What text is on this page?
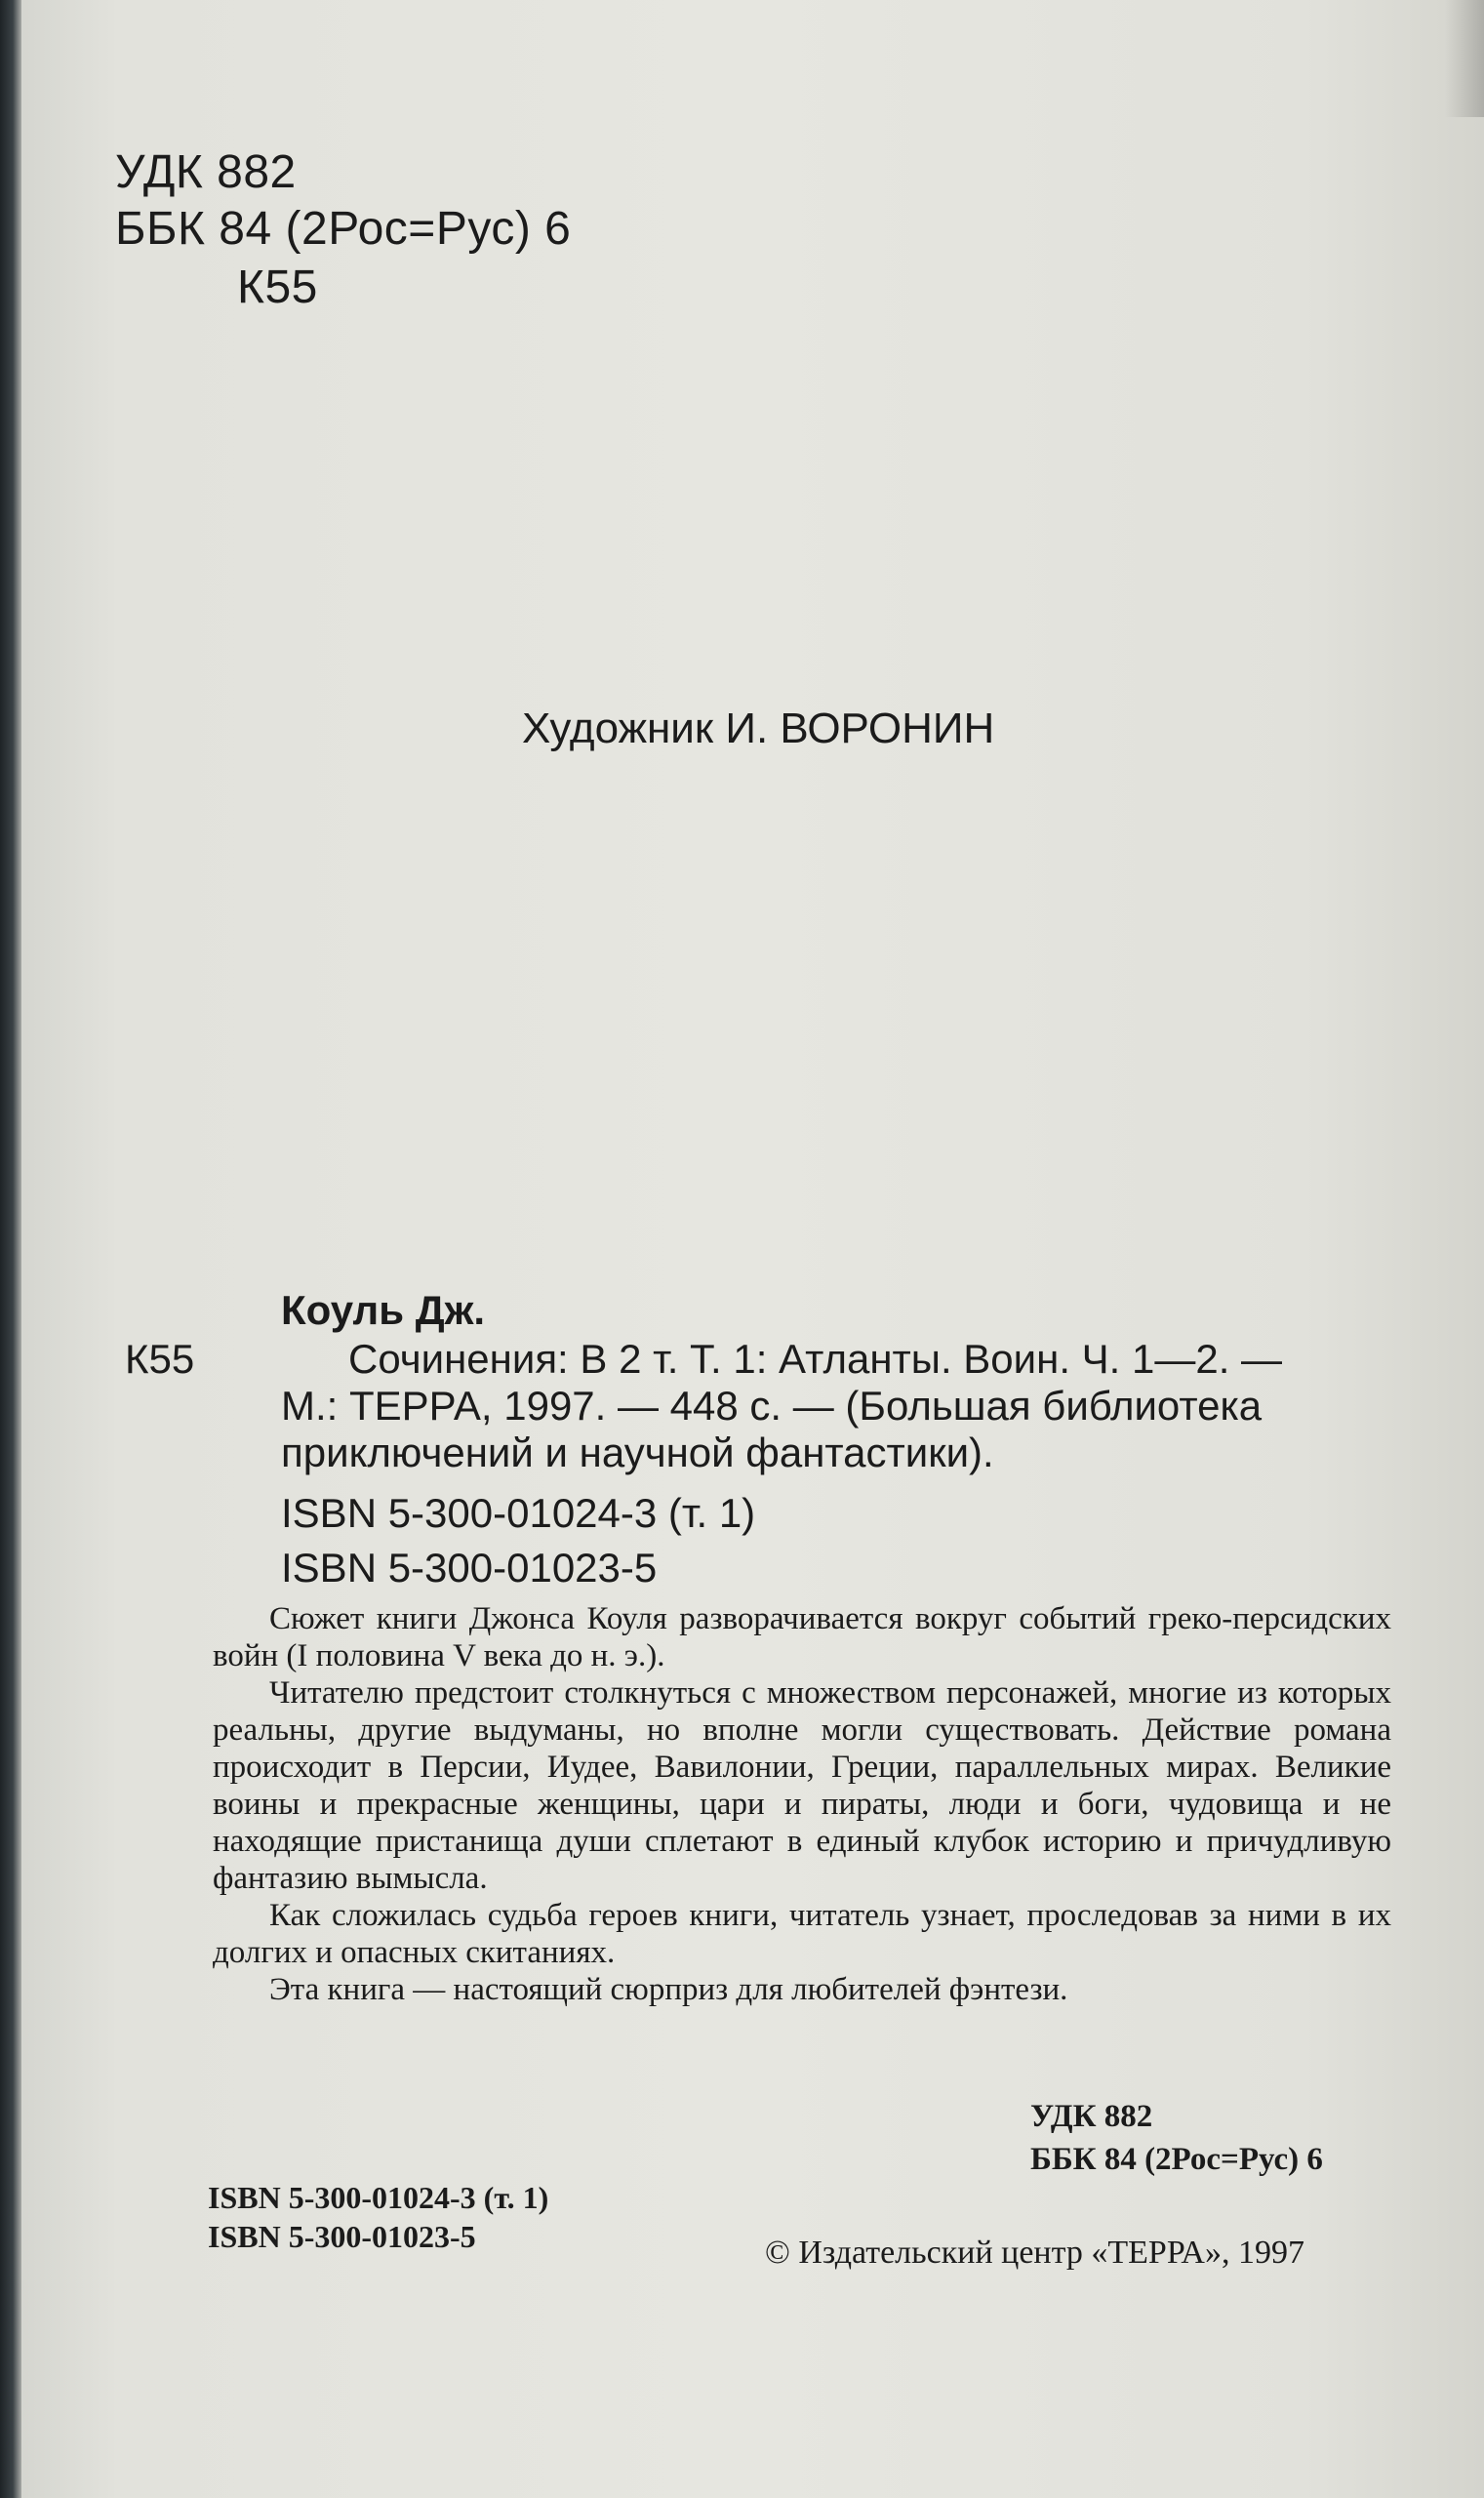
УДК 882
ББК 84 (2Рос=Рус) 6
К55
Художник И. ВОРОНИН
Коуль Дж.
К55	Сочинения: В 2 т. Т. 1: Атланты. Воин. Ч. 1—2. —
М.: ТЕРРА, 1997. — 448 с. — (Большая библиотека
приключений и научной фантастики).
ISBN 5-300-01024-3 (т. 1)
ISBN 5-300-01023-5

Сюжет книги Джонса Коуля разворачивается вокруг событий греко-персидских войн (I половина V века до н. э.).

Читателю предстоит столкнуться с множеством персонажей, многие из которых реальны, другие выдуманы, но вполне могли существовать. Действие романа происходит в Персии, Иудее, Вавилонии, Греции, параллельных мирах. Великие воины и прекрасные женщины, цари и пираты, люди и боги, чудовища и не находящие пристанища души сплетают в единый клубок историю и причудливую фантазию вымысла.

Как сложилась судьба героев книги, читатель узнает, проследовав за ними в их долгих и опасных скитаниях.

Эта книга — настоящий сюрприз для любителей фэнтези.

УДК 882
ББК 84 (2Рос=Рус) 6
ISBN 5-300-01024-3 (т. 1)
ISBN 5-300-01023-5	© Издательский центр «ТЕРРА», 1997
